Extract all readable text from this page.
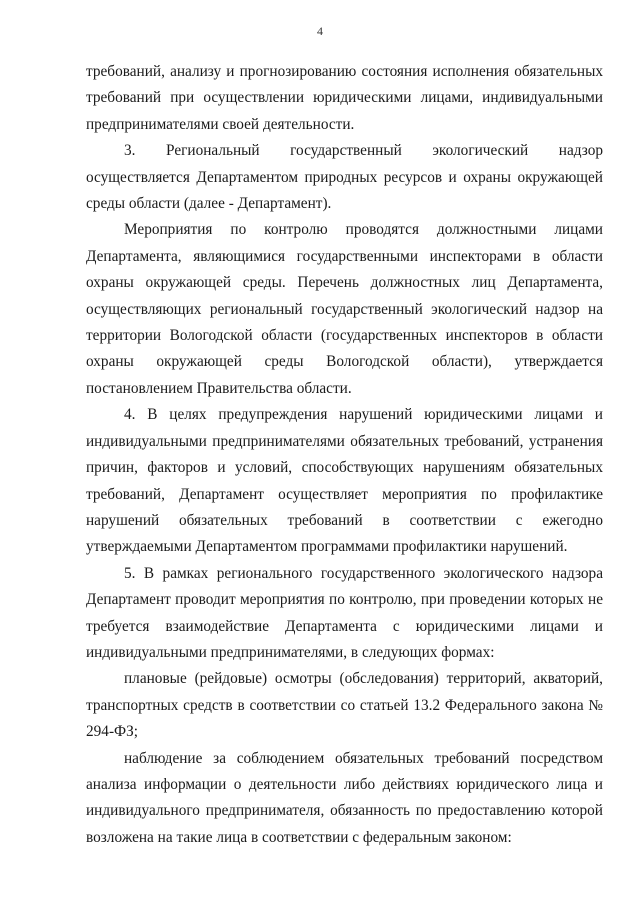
4

требований, анализу и прогнозированию состояния исполнения обязательных требований при осуществлении юридическими лицами, индивидуальными предпринимателями своей деятельности.

3. Региональный государственный экологический надзор осуществляется Департаментом природных ресурсов и охраны окружающей среды области (далее - Департамент).

Мероприятия по контролю проводятся должностными лицами Департамента, являющимися государственными инспекторами в области охраны окружающей среды. Перечень должностных лиц Департамента, осуществляющих региональный государственный экологический надзор на территории Вологодской области (государственных инспекторов в области охраны окружающей среды Вологодской области), утверждается постановлением Правительства области.

4. В целях предупреждения нарушений юридическими лицами и индивидуальными предпринимателями обязательных требований, устранения причин, факторов и условий, способствующих нарушениям обязательных требований, Департамент осуществляет мероприятия по профилактике нарушений обязательных требований в соответствии с ежегодно утверждаемыми Департаментом программами профилактики нарушений.

5. В рамках регионального государственного экологического надзора Департамент проводит мероприятия по контролю, при проведении которых не требуется взаимодействие Департамента с юридическими лицами и индивидуальными предпринимателями, в следующих формах:

плановые (рейдовые) осмотры (обследования) территорий, акваторий, транспортных средств в соответствии со статьей 13.2 Федерального закона № 294-ФЗ;

наблюдение за соблюдением обязательных требований посредством анализа информации о деятельности либо действиях юридического лица и индивидуального предпринимателя, обязанность по предоставлению которой возложена на такие лица в соответствии с федеральным законом:
